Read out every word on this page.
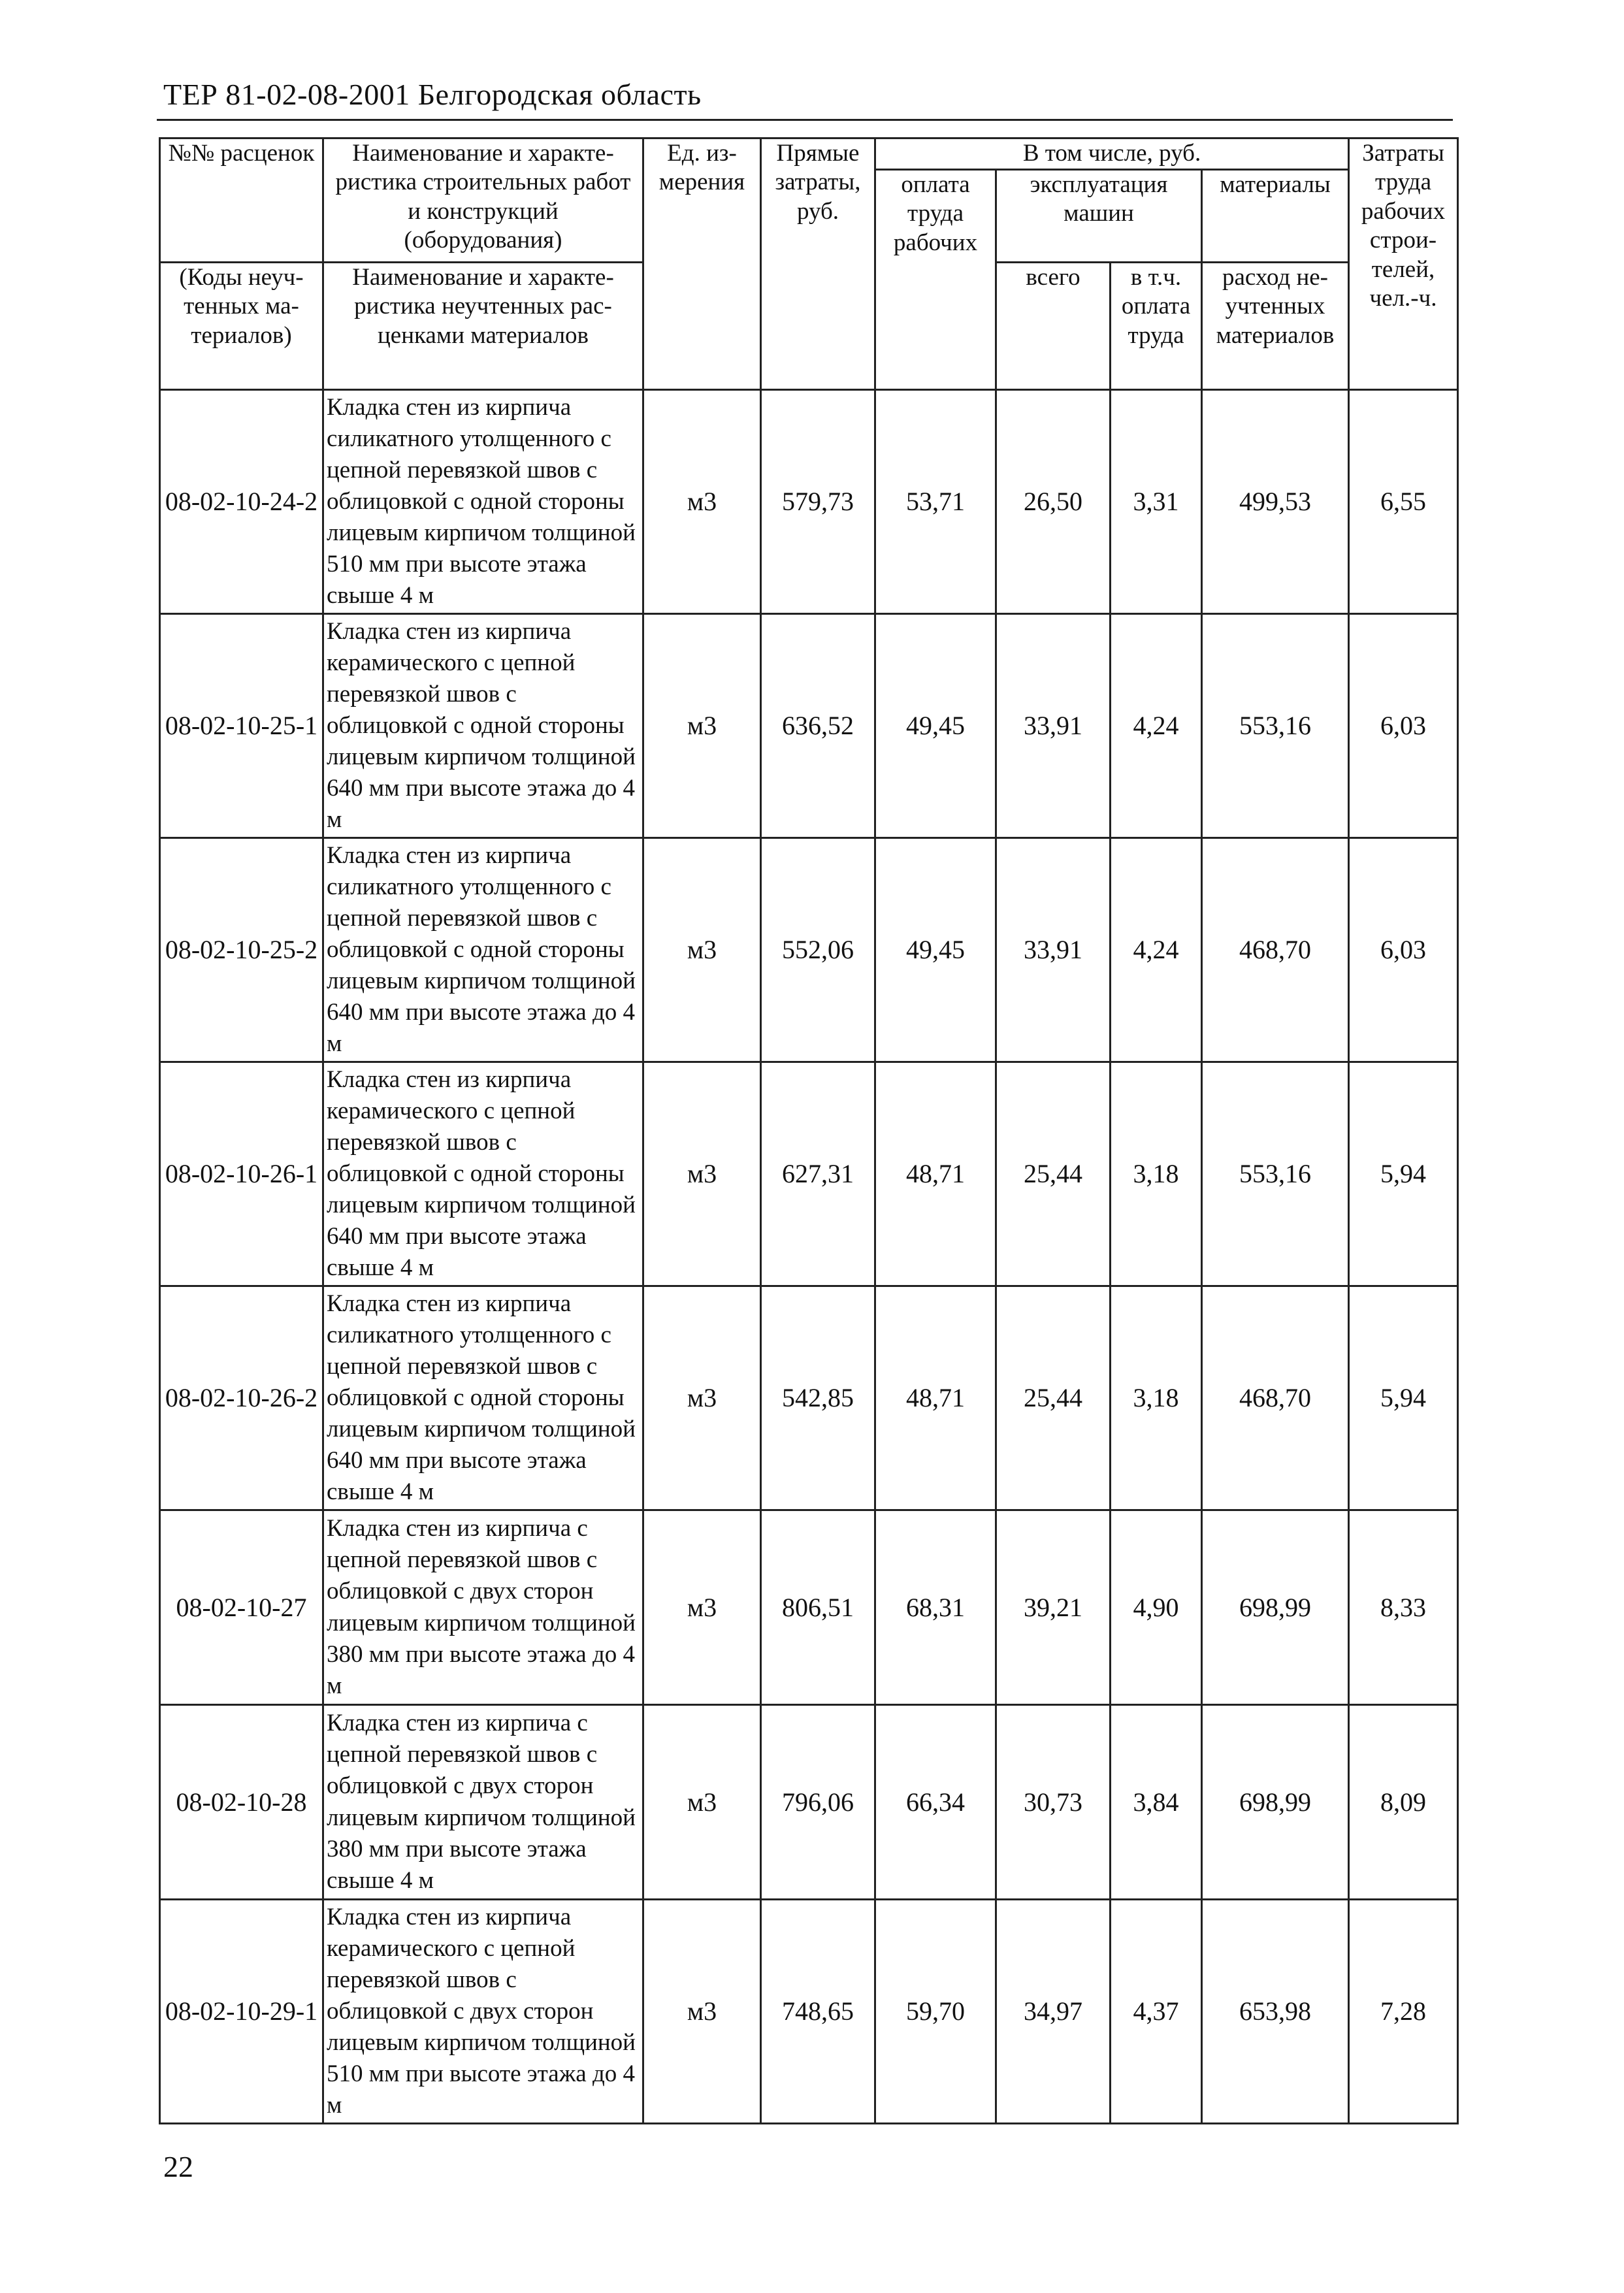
ТЕР 81-02-08-2001 Белгородская область
№№ расценок	Наименование и характе-ристика строительных работ и конструкций (оборудования)	Ед. из-мерения	Прямые затраты, руб.	В том числе, руб.				Затраты труда рабочих строи-телей, чел.-ч.
				оплата труда рабочих	эксплуатация машин		материалы	
(Коды неуч-тенных ма-териалов)	Наименование и характе-ристика неучтенных рас-ценками материалов				всего	в т.ч. оплата труда	расход не-учтенных материалов	
08-02-10-24-2	Кладка стен из кирпича силикатного утолщенного с цепной перевязкой швов с облицовкой с одной стороны лицевым кирпичом толщиной 510 мм при высоте этажа свыше 4 м	м3	579,73	53,71	26,50	3,31	499,53	6,55
08-02-10-25-1	Кладка стен из кирпича керамического с цепной перевязкой швов с облицовкой с одной стороны лицевым кирпичом толщиной 640 мм при высоте этажа до 4 м	м3	636,52	49,45	33,91	4,24	553,16	6,03
08-02-10-25-2	Кладка стен из кирпича силикатного утолщенного с цепной перевязкой швов с облицовкой с одной стороны лицевым кирпичом толщиной 640 мм при высоте этажа до 4 м	м3	552,06	49,45	33,91	4,24	468,70	6,03
08-02-10-26-1	Кладка стен из кирпича керамического с цепной перевязкой швов с облицовкой с одной стороны лицевым кирпичом толщиной 640 мм при высоте этажа свыше 4 м	м3	627,31	48,71	25,44	3,18	553,16	5,94
08-02-10-26-2	Кладка стен из кирпича силикатного утолщенного с цепной перевязкой швов с облицовкой с одной стороны лицевым кирпичом толщиной 640 мм при высоте этажа свыше 4 м	м3	542,85	48,71	25,44	3,18	468,70	5,94
08-02-10-27	Кладка стен из кирпича с цепной перевязкой швов с облицовкой с двух сторон лицевым кирпичом толщиной 380 мм при высоте этажа до 4 м	м3	806,51	68,31	39,21	4,90	698,99	8,33
08-02-10-28	Кладка стен из кирпича с цепной перевязкой швов с облицовкой с двух сторон лицевым кирпичом толщиной 380 мм при высоте этажа свыше 4 м	м3	796,06	66,34	30,73	3,84	698,99	8,09
08-02-10-29-1	Кладка стен из кирпича керамического с цепной перевязкой швов с облицовкой с двух сторон лицевым кирпичом толщиной 510 мм при высоте этажа до 4 м	м3	748,65	59,70	34,97	4,37	653,98	7,28
22
